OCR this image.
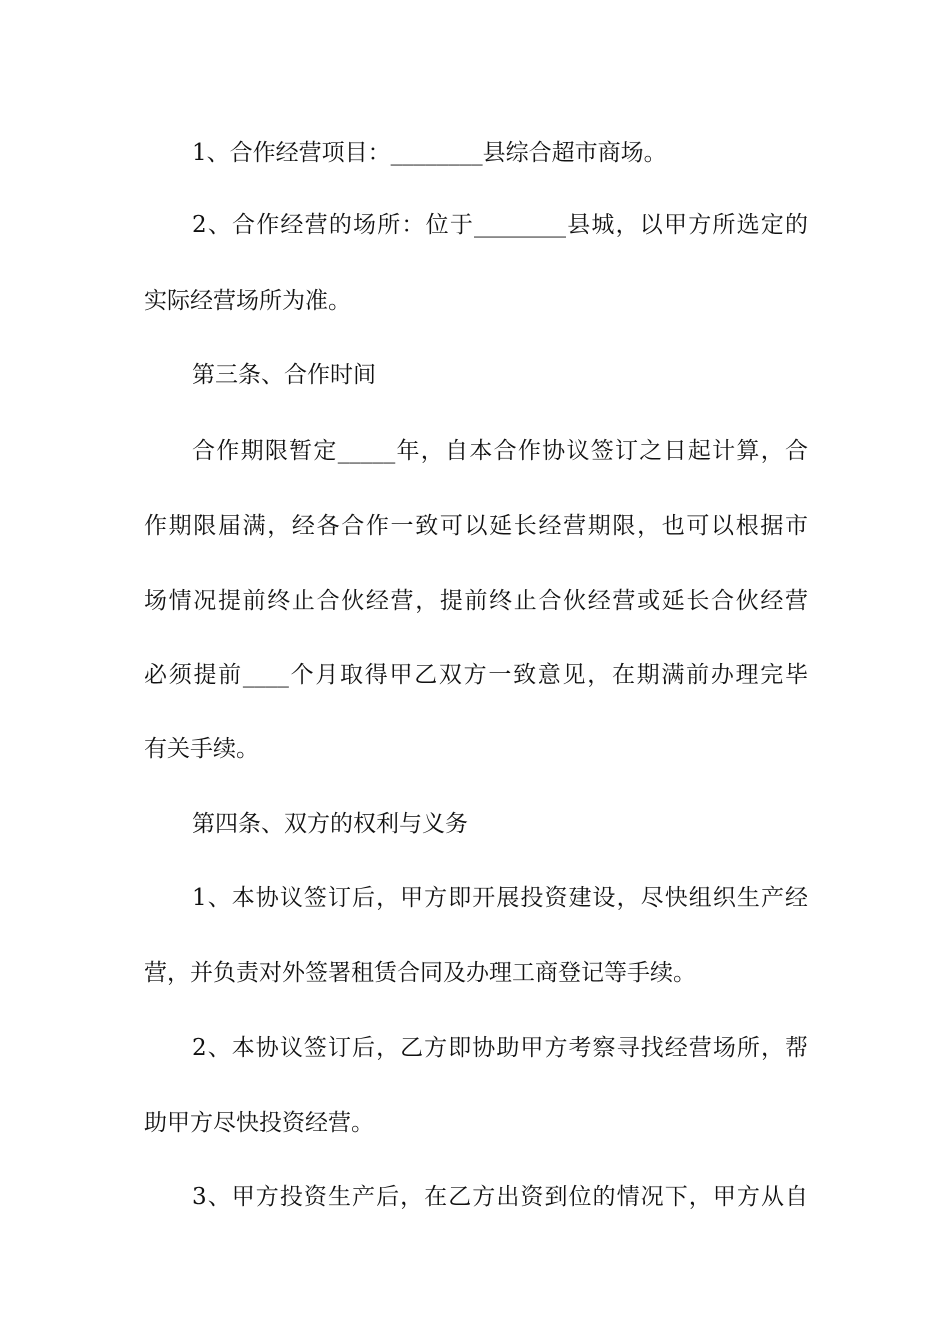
1、合作经营项目：________县综合超市商场。

2、合作经营的场所：位于________县城，以甲方所选定的

实际经营场所为准。

第三条、合作时间

合作期限暂定_____年，自本合作协议签订之日起计算，合

作期限届满，经各合作一致可以延长经营期限，也可以根据市

场情况提前终止合伙经营，提前终止合伙经营或延长合伙经营

必须提前____个月取得甲乙双方一致意见，在期满前办理完毕

有关手续。

第四条、双方的权利与义务

1、本协议签订后，甲方即开展投资建设，尽快组织生产经

营，并负责对外签署租赁合同及办理工商登记等手续。

2、本协议签订后，乙方即协助甲方考察寻找经营场所，帮

助甲方尽快投资经营。

3、甲方投资生产后，在乙方出资到位的情况下，甲方从自
